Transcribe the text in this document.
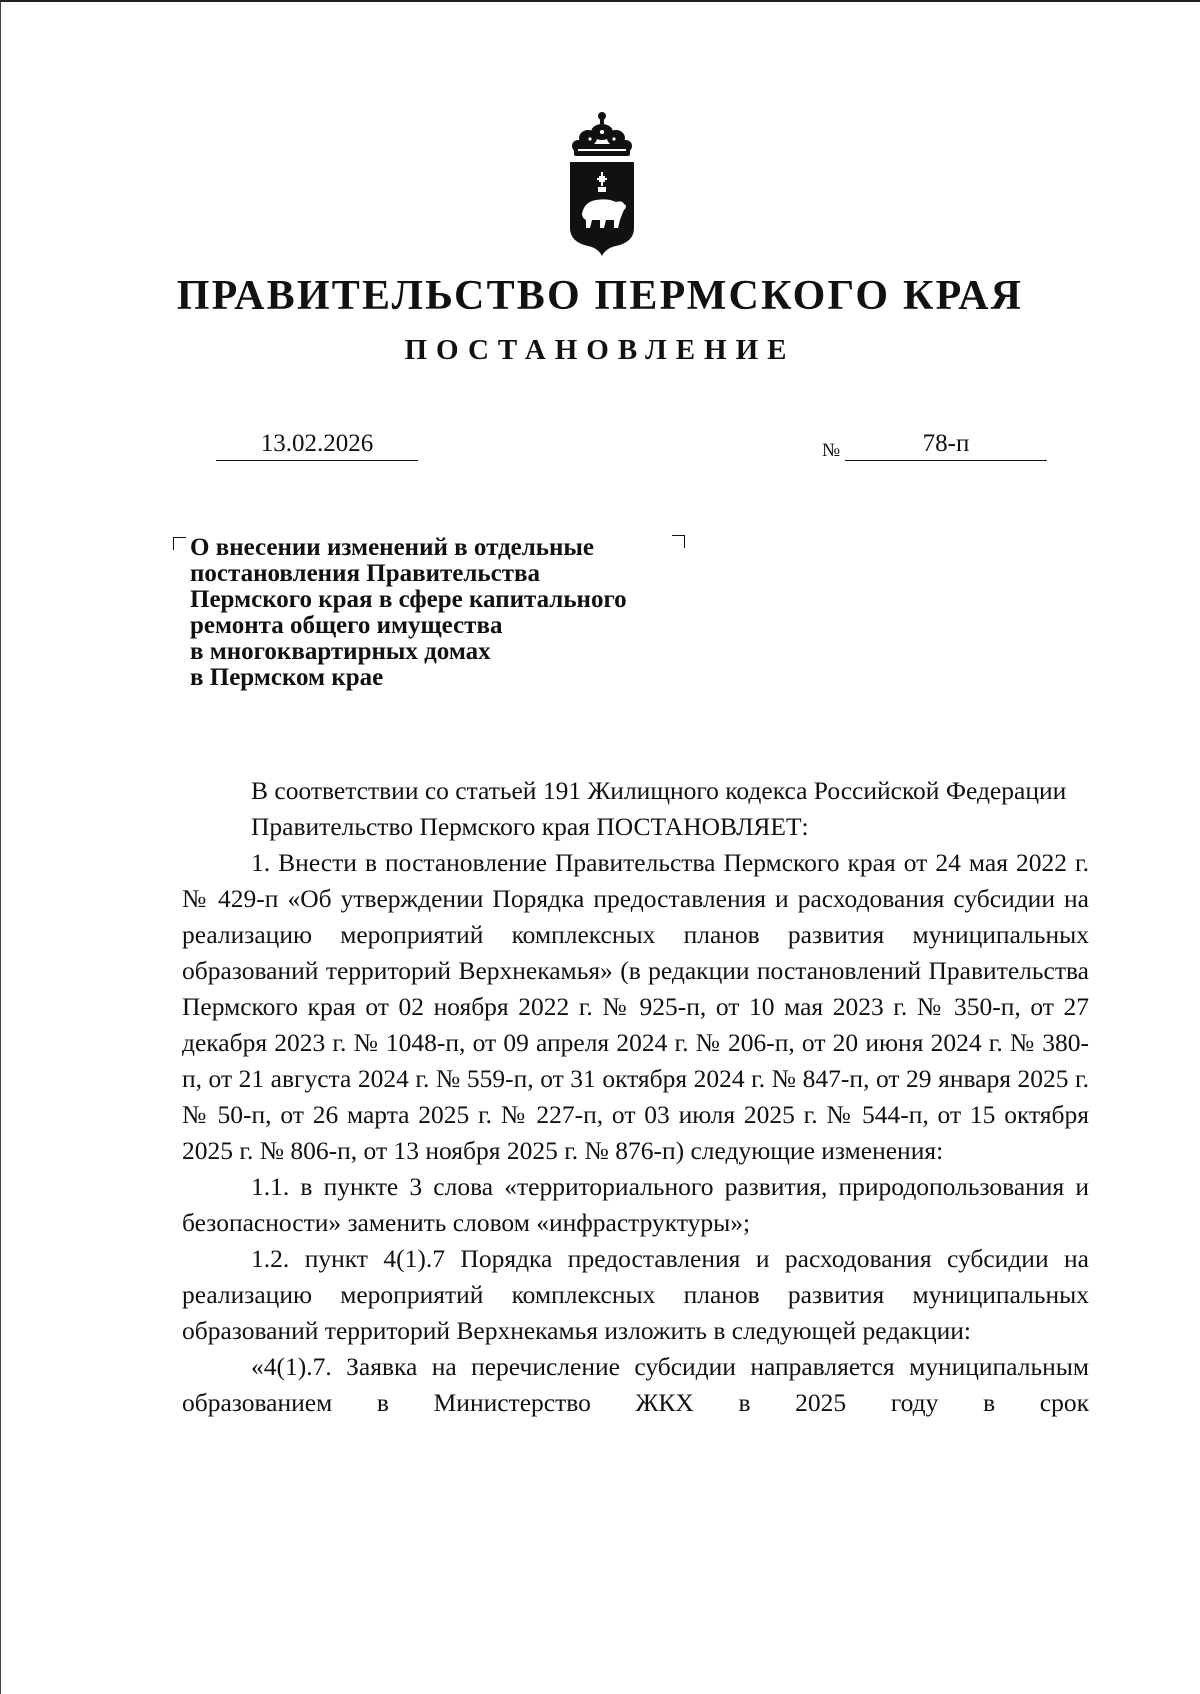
ПРАВИТЕЛЬСТВО ПЕРМСКОГО КРАЯ
ПОСТАНОВЛЕНИЕ
13.02.2026	№	78-п
О внесении изменений в отдельные
постановления Правительства
Пермского края в сфере капитального
ремонта общего имущества
в многоквартирных домах
в Пермском крае

В соответствии со статьей 191 Жилищного кодекса Российской Федерации

Правительство Пермского края ПОСТАНОВЛЯЕТ:

1. Внести в постановление Правительства Пермского края от 24 мая 2022 г. № 429-п «Об утверждении Порядка предоставления и расходования субсидии на реализацию мероприятий комплексных планов развития муниципальных образований территорий Верхнекамья» (в редакции постановлений Правительства Пермского края от 02 ноября 2022 г. № 925-п, от 10 мая 2023 г. № 350-п, от 27 декабря 2023 г. № 1048-п, от 09 апреля 2024 г. № 206-п, от 20 июня 2024 г. № 380-п, от 21 августа 2024 г. № 559-п, от 31 октября 2024 г. № 847-п, от 29 января 2025 г. № 50-п, от 26 марта 2025 г. № 227-п, от 03 июля 2025 г. № 544-п, от 15 октября 2025 г. № 806-п, от 13 ноября 2025 г. № 876-п) следующие изменения:

1.1. в пункте 3 слова «территориального развития, природопользования и безопасности» заменить словом «инфраструктуры»;

1.2. пункт 4(1).7 Порядка предоставления и расходования субсидии на реализацию мероприятий комплексных планов развития муниципальных образований территорий Верхнекамья изложить в следующей редакции:

«4(1).7. Заявка на перечисление субсидии направляется муниципальным образованием в Министерство ЖКХ в 2025 году в срок
